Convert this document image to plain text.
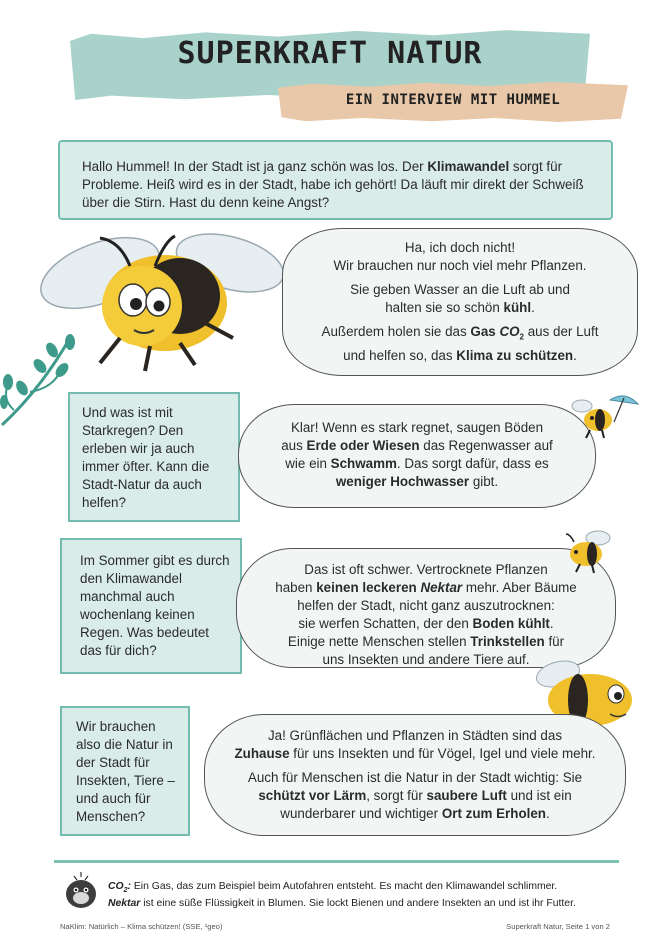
SUPERKRAFT NATUR
EIN INTERVIEW MIT HUMMEL
Hallo Hummel! In der Stadt ist ja ganz schön was los. Der Klimawandel sorgt für Probleme. Heiß wird es in der Stadt, habe ich gehört! Da läuft mir direkt der Schweiß über die Stirn. Hast du denn keine Angst?

Ha, ich doch nicht!
Wir brauchen nur noch viel mehr Pflanzen.

Sie geben Wasser an die Luft ab und
halten sie so schön kühl.

Außerdem holen sie das Gas $CO_2$ aus der Luft
und helfen so, das Klima zu schützen.

Und was ist mit Starkregen? Den erleben wir ja auch immer öfter. Kann die Stadt-Natur da auch helfen?

Klar! Wenn es stark regnet, saugen Böden
aus Erde oder Wiesen das Regenwasser auf
wie ein Schwamm. Das sorgt dafür, dass es
weniger Hochwasser gibt.

Im Sommer gibt es durch den Klimawandel manchmal auch wochenlang keinen Regen. Was bedeutet das für dich?

Das ist oft schwer. Vertrocknete Pflanzen
haben keinen leckeren Nektar mehr. Aber Bäume
helfen der Stadt, nicht ganz auszutrocknen:
sie werfen Schatten, der den Boden kühlt.
Einige nette Menschen stellen Trinkstellen für
uns Insekten und andere Tiere auf.

Wir brauchen also die Natur in der Stadt für Insekten, Tiere – und auch für Menschen?

Ja! Grünflächen und Pflanzen in Städten sind das
Zuhause für uns Insekten und für Vögel, Igel und viele mehr.

Auch für Menschen ist die Natur in der Stadt wichtig: Sie
schützt vor Lärm, sorgt für saubere Luft und ist ein
wunderbarer und wichtiger Ort zum Erholen.

$CO_2$: Ein Gas, das zum Beispiel beim Autofahren entsteht. Es macht den Klimawandel schlimmer.
Nektar ist eine süße Flüssigkeit in Blumen. Sie lockt Bienen und andere Insekten an und ist ihr Futter.
NaKlim: Natürlich – Klima schützen! (SSE, ¹geo)	Superkraft Natur, Seite 1 von 2
